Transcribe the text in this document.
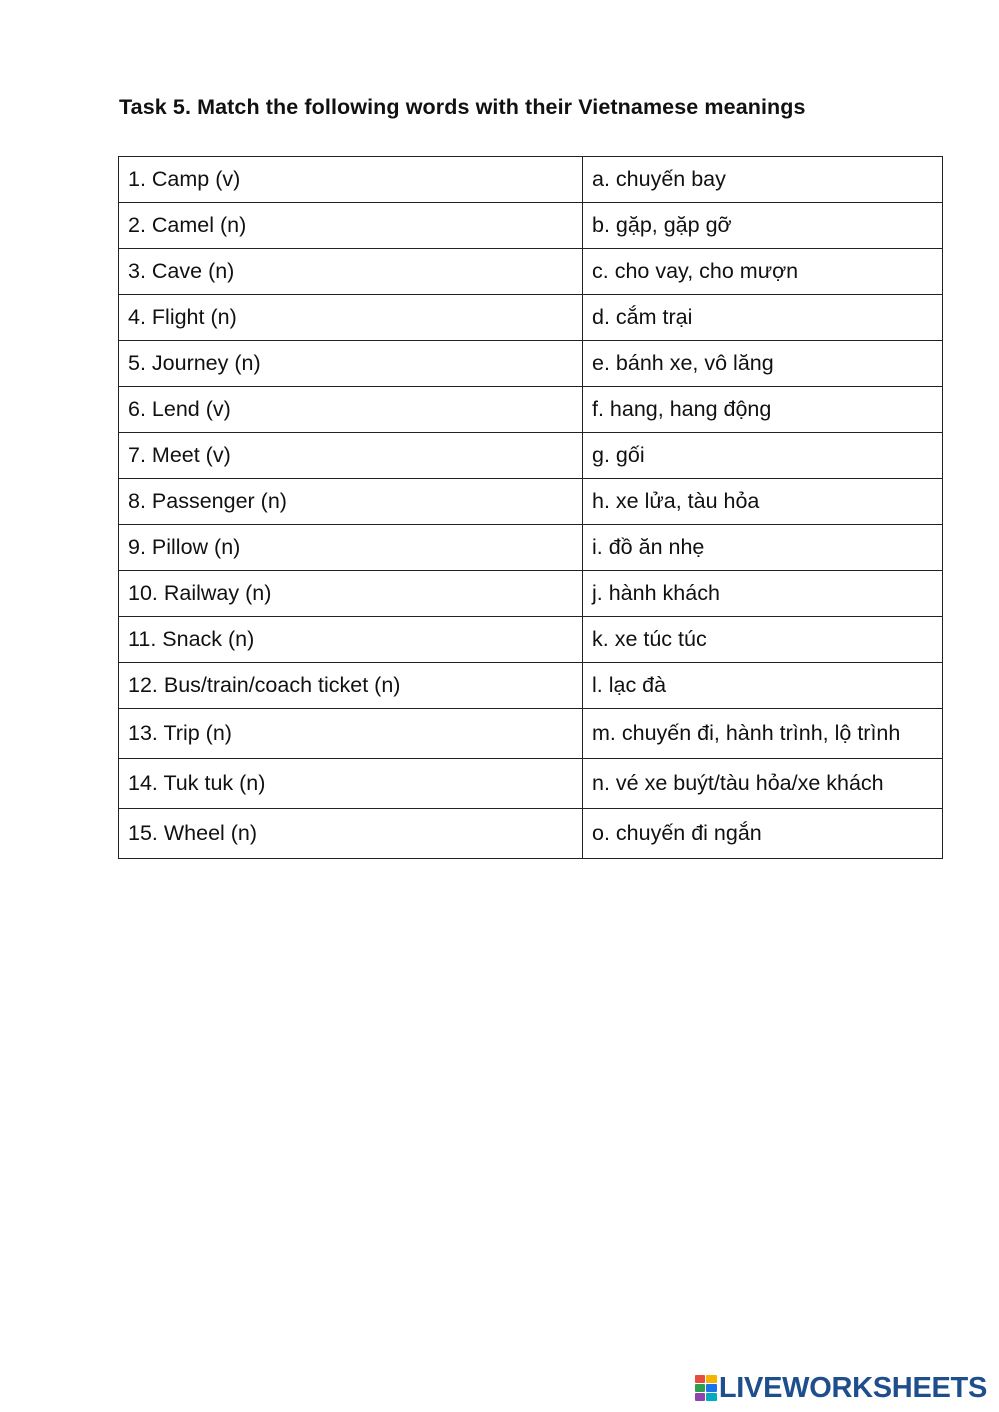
Task 5. Match the following words with their Vietnamese meanings
1. Camp (v)	a. chuyến bay
2. Camel (n)	b. gặp, gặp gỡ
3. Cave (n)	c. cho vay, cho mượn
4. Flight (n)	d. cắm trại
5. Journey (n)	e. bánh xe, vô lăng
6. Lend (v)	f. hang, hang động
7. Meet (v)	g. gối
8. Passenger (n)	h. xe lửa, tàu hỏa
9. Pillow (n)	i. đồ ăn nhẹ
10. Railway (n)	j. hành khách
11. Snack (n)	k. xe túc túc
12. Bus/train/coach ticket (n)	l. lạc đà
13. Trip (n)	m. chuyến đi, hành trình, lộ trình
14. Tuk tuk (n)	n. vé xe buýt/tàu hỏa/xe khách
15. Wheel (n)	o. chuyến đi ngắn
LIVEWORKSHEETS
